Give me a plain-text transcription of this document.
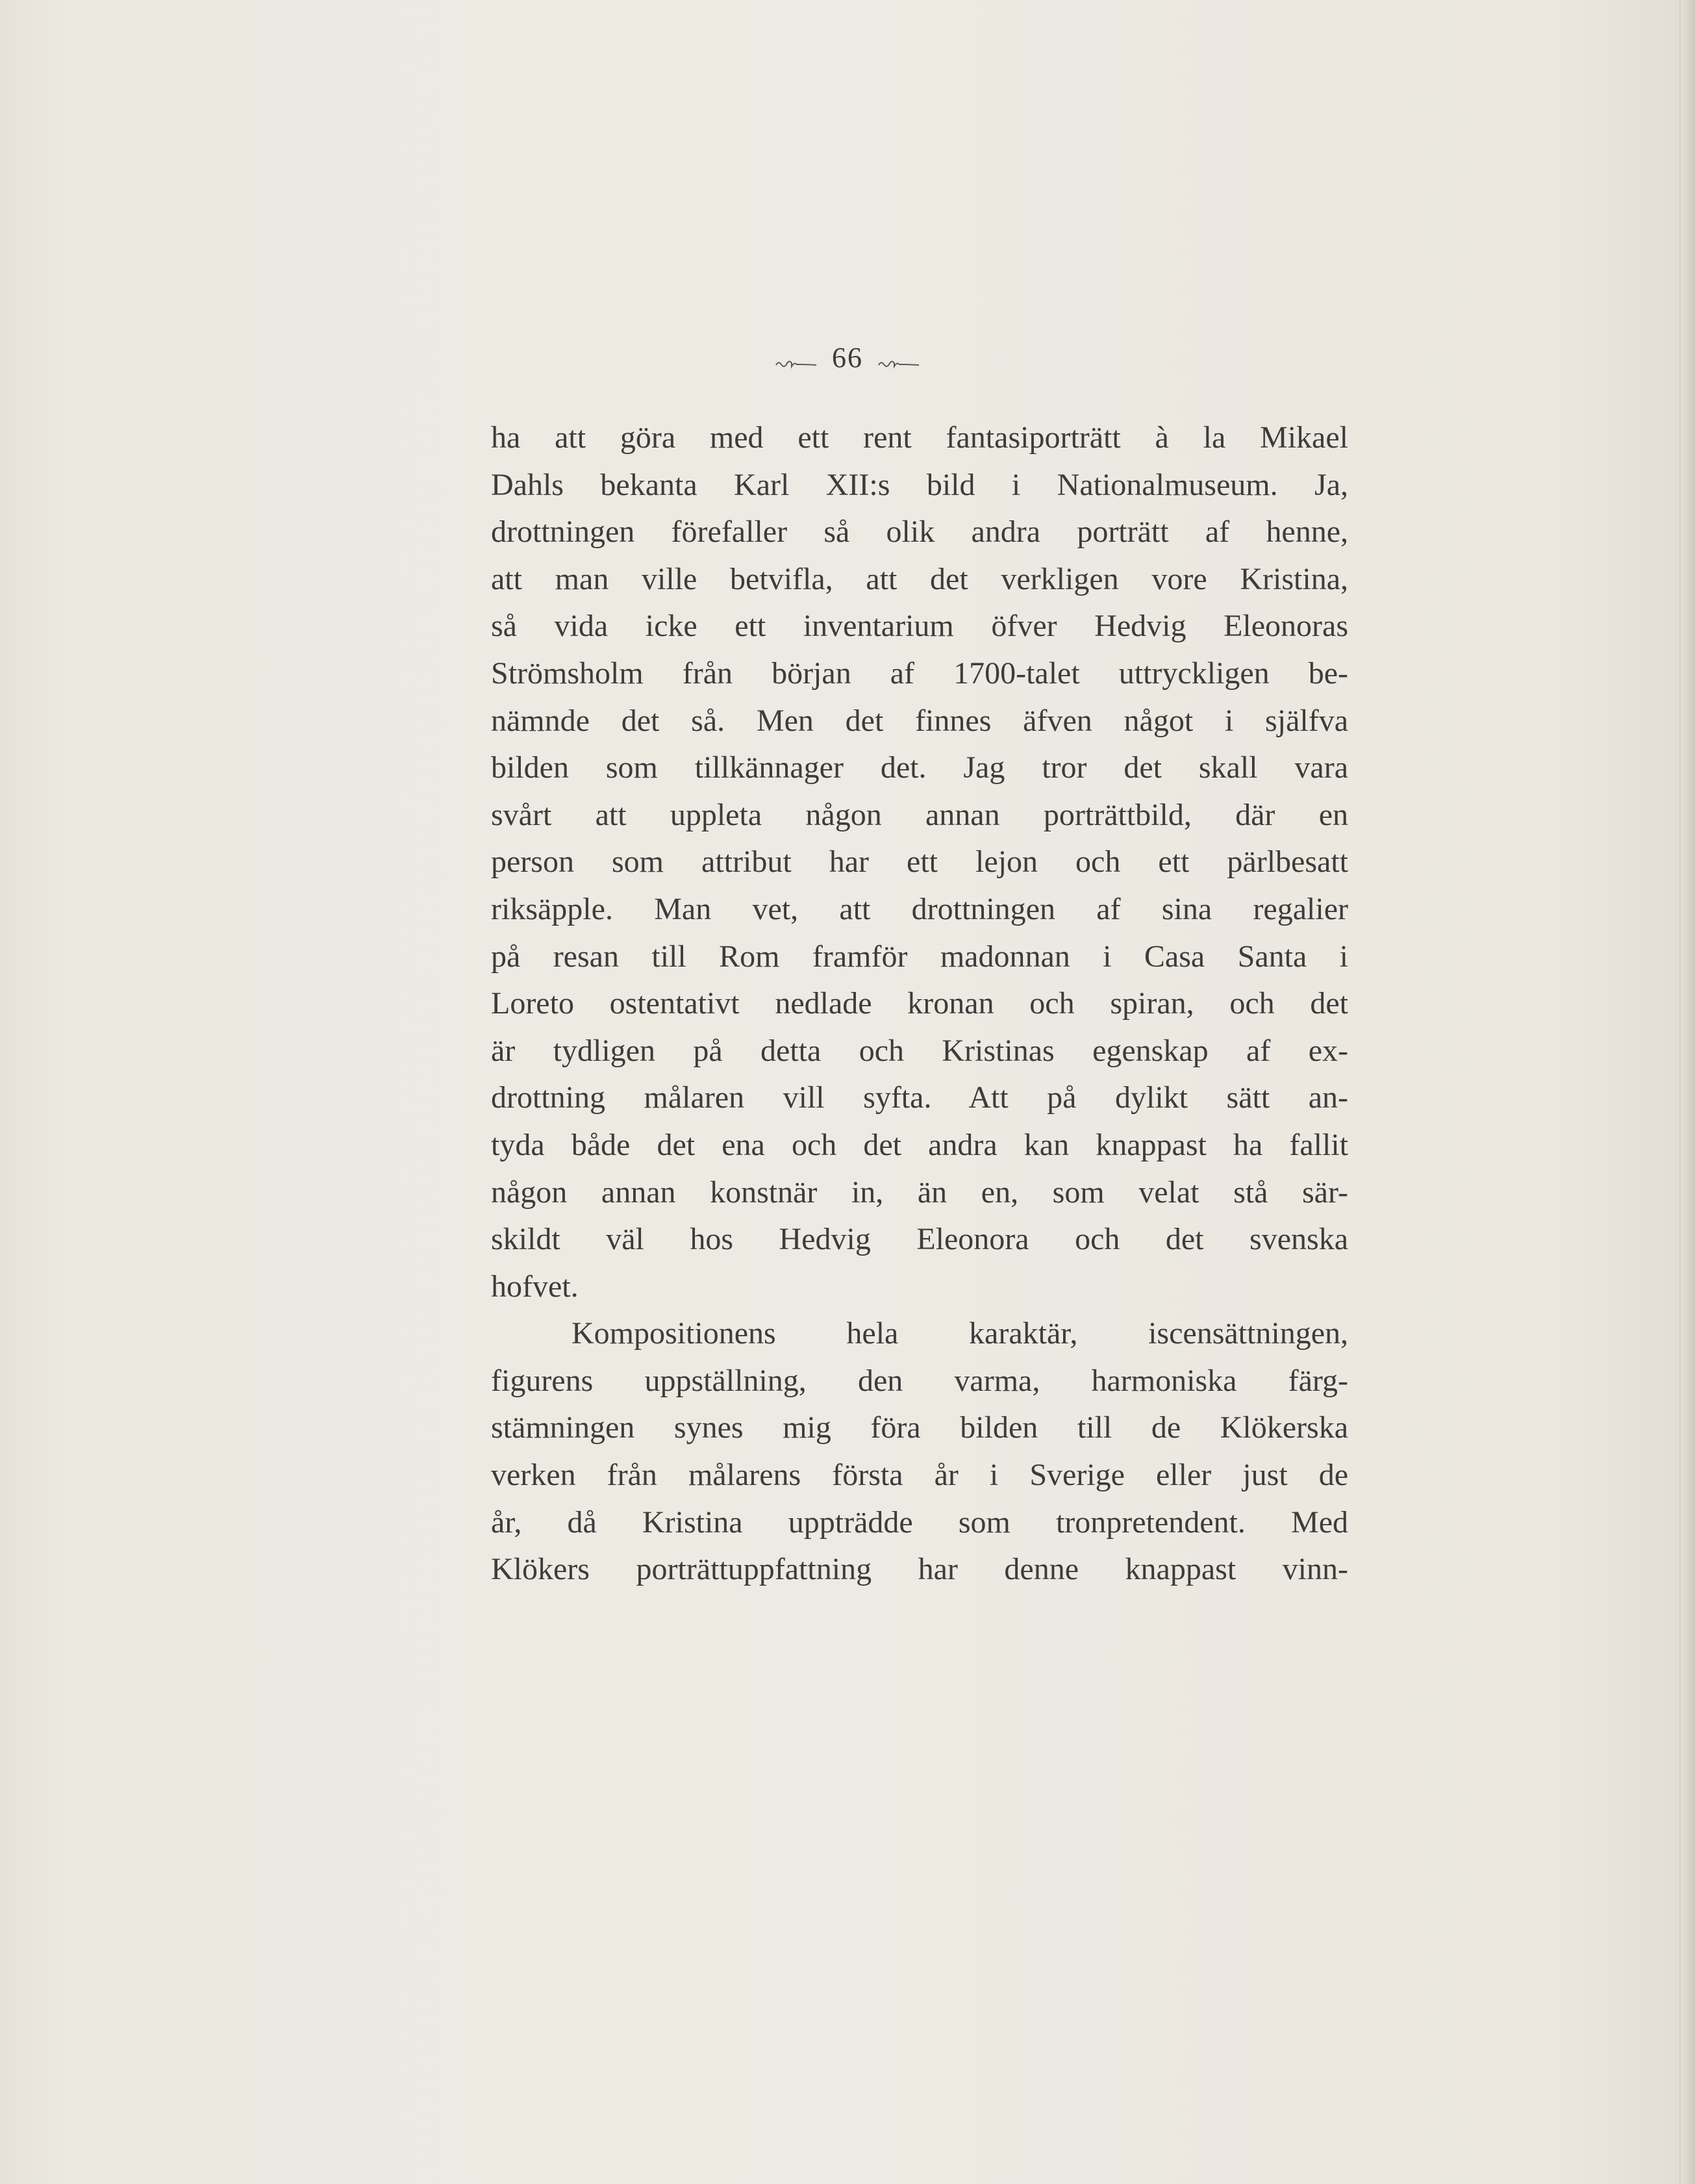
66
ha att göra med ett rent fantasiporträtt à la Mikael
Dahls bekanta Karl XII:s bild i Nationalmuseum. Ja,
drottningen förefaller så olik andra porträtt af henne,
att man ville betvifla, att det verkligen vore Kristina,
så vida icke ett inventarium öfver Hedvig Eleonoras
Strömsholm från början af 1700-talet uttryckligen be-
nämnde det så. Men det finnes äfven något i själfva
bilden som tillkännager det. Jag tror det skall vara
svårt att uppleta någon annan porträttbild, där en
person som attribut har ett lejon och ett pärlbesatt
riksäpple. Man vet, att drottningen af sina regalier
på resan till Rom framför madonnan i Casa Santa i
Loreto ostentativt nedlade kronan och spiran, och det
är tydligen på detta och Kristinas egenskap af ex-
drottning målaren vill syfta. Att på dylikt sätt an-
tyda både det ena och det andra kan knappast ha fallit
någon annan konstnär in, än en, som velat stå sär-
skildt väl hos Hedvig Eleonora och det svenska
hofvet.
Kompositionens hela karaktär, iscensättningen,
figurens uppställning, den varma, harmoniska färg-
stämningen synes mig föra bilden till de Klökerska
verken från målarens första år i Sverige eller just de
år, då Kristina uppträdde som tronpretendent. Med
Klökers porträttuppfattning har denne knappast vinn-
